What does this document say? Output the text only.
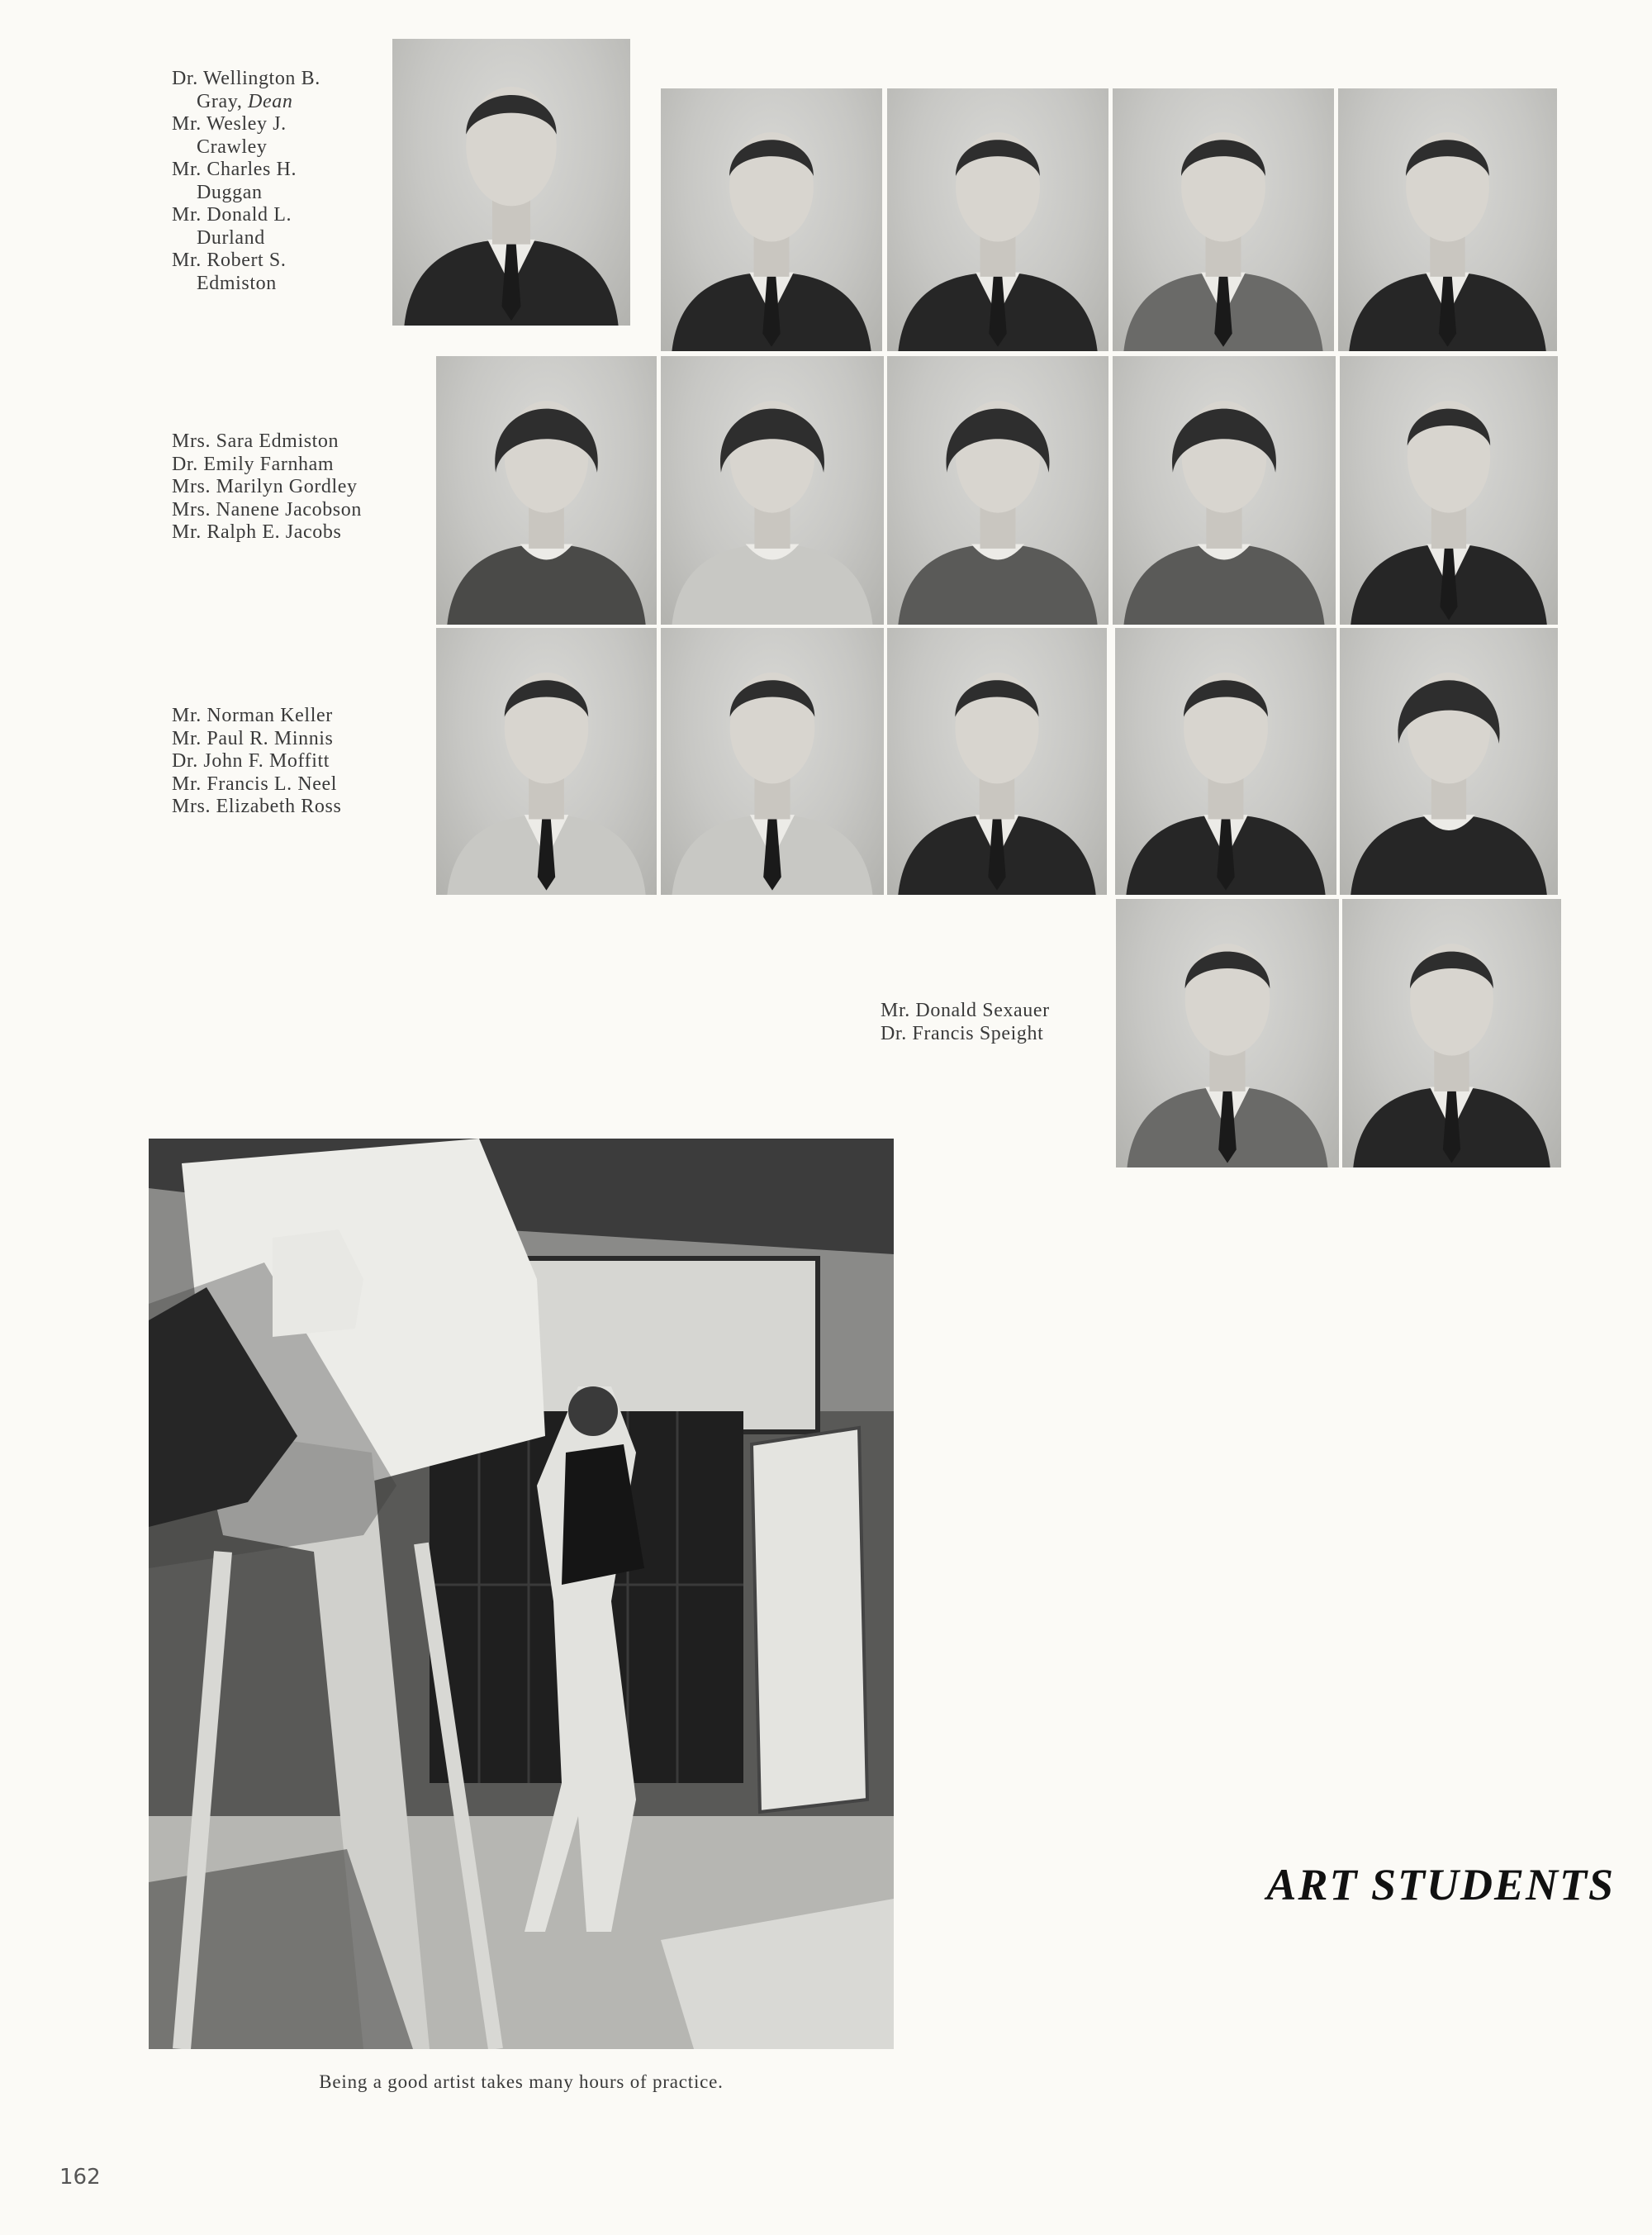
Dr. Wellington B.
Gray, Dean
Mr. Wesley J.
Crawley
Mr. Charles H.
Duggan
Mr. Donald L.
Durland
Mr. Robert S.
Edmiston
Mrs. Sara Edmiston
Dr. Emily Farnham
Mrs. Marilyn Gordley
Mrs. Nanene Jacobson
Mr. Ralph E. Jacobs
Mr. Norman Keller
Mr. Paul R. Minnis
Dr. John F. Moffitt
Mr. Francis L. Neel
Mrs. Elizabeth Ross
Mr. Donald Sexauer
Dr. Francis Speight
Being a good artist takes many hours of practice.
ART STUDENTS
162
